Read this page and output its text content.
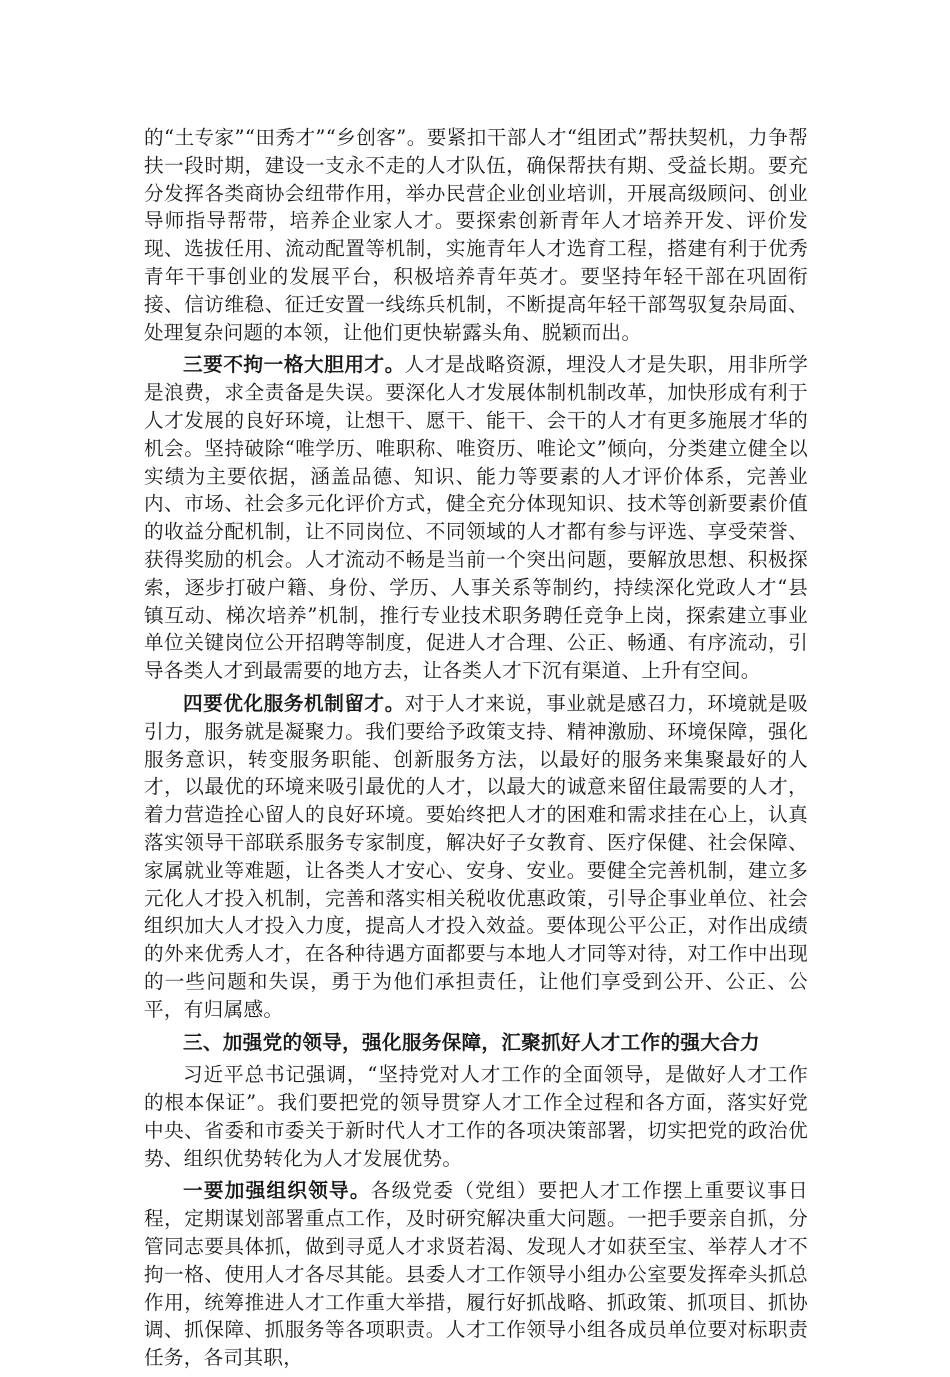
的“土专家”“田秀才”“乡创客”。要紧扣干部人才“组团式”帮扶契机，力争帮扶一段时期，建设一支永不走的人才队伍，确保帮扶有期、受益长期。要充分发挥各类商协会纽带作用，举办民营企业创业培训，开展高级顾问、创业导师指导帮带，培养企业家人才。要探索创新青年人才培养开发、评价发现、选拔任用、流动配置等机制，实施青年人才选育工程，搭建有利于优秀青年干事创业的发展平台，积极培养青年英才。要坚持年轻干部在巩固衔接、信访维稳、征迁安置一线练兵机制，不断提高年轻干部驾驭复杂局面、处理复杂问题的本领，让他们更快崭露头角、脱颖而出。

三要不拘一格大胆用才。人才是战略资源，埋没人才是失职，用非所学是浪费，求全责备是失误。要深化人才发展体制机制改革，加快形成有利于人才发展的良好环境，让想干、愿干、能干、会干的人才有更多施展才华的机会。坚持破除“唯学历、唯职称、唯资历、唯论文”倾向，分类建立健全以实绩为主要依据，涵盖品德、知识、能力等要素的人才评价体系，完善业内、市场、社会多元化评价方式，健全充分体现知识、技术等创新要素价值的收益分配机制，让不同岗位、不同领域的人才都有参与评选、享受荣誉、获得奖励的机会。人才流动不畅是当前一个突出问题，要解放思想、积极探索，逐步打破户籍、身份、学历、人事关系等制约，持续深化党政人才“县镇互动、梯次培养”机制，推行专业技术职务聘任竞争上岗，探索建立事业单位关键岗位公开招聘等制度，促进人才合理、公正、畅通、有序流动，引导各类人才到最需要的地方去，让各类人才下沉有渠道、上升有空间。

四要优化服务机制留才。对于人才来说，事业就是感召力，环境就是吸引力，服务就是凝聚力。我们要给予政策支持、精神激励、环境保障，强化服务意识，转变服务职能、创新服务方法，以最好的服务来集聚最好的人才，以最优的环境来吸引最优的人才，以最大的诚意来留住最需要的人才，着力营造拴心留人的良好环境。要始终把人才的困难和需求挂在心上，认真落实领导干部联系服务专家制度，解决好子女教育、医疗保健、社会保障、家属就业等难题，让各类人才安心、安身、安业。要健全完善机制，建立多元化人才投入机制，完善和落实相关税收优惠政策，引导企事业单位、社会组织加大人才投入力度，提高人才投入效益。要体现公平公正，对作出成绩的外来优秀人才，在各种待遇方面都要与本地人才同等对待，对工作中出现的一些问题和失误，勇于为他们承担责任，让他们享受到公开、公正、公平，有归属感。

三、加强党的领导，强化服务保障，汇聚抓好人才工作的强大合力

习近平总书记强调，“坚持党对人才工作的全面领导，是做好人才工作的根本保证”。我们要把党的领导贯穿人才工作全过程和各方面，落实好党中央、省委和市委关于新时代人才工作的各项决策部署，切实把党的政治优势、组织优势转化为人才发展优势。

一要加强组织领导。各级党委（党组）要把人才工作摆上重要议事日程，定期谋划部署重点工作，及时研究解决重大问题。一把手要亲自抓，分管同志要具体抓，做到寻觅人才求贤若渴、发现人才如获至宝、举荐人才不拘一格、使用人才各尽其能。县委人才工作领导小组办公室要发挥牵头抓总作用，统筹推进人才工作重大举措，履行好抓战略、抓政策、抓项目、抓协调、抓保障、抓服务等各项职责。人才工作领导小组各成员单位要对标职责任务，各司其职，
